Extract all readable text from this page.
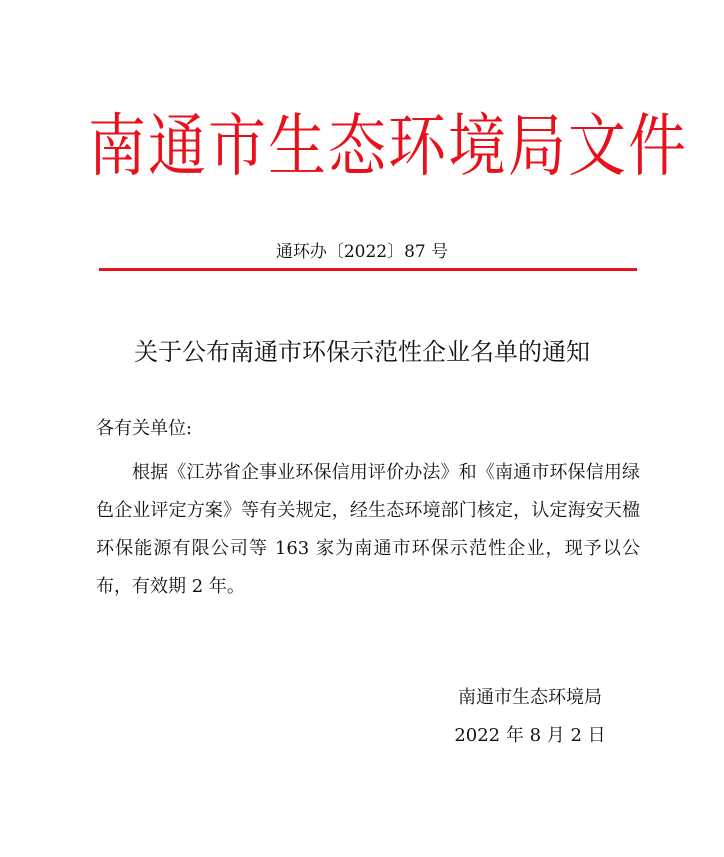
南通市生态环境局文件
通环办〔2022〕87 号
关于公布南通市环保示范性企业名单的通知
各有关单位:

根据《江苏省企事业环保信用评价办法》和《南通市环保信用绿色企业评定方案》等有关规定，经生态环境部门核定，认定海安天楹环保能源有限公司等 163 家为南通市环保示范性企业，现予以公布，有效期 2 年。

南通市生态环境局
2022 年 8 月 2 日
